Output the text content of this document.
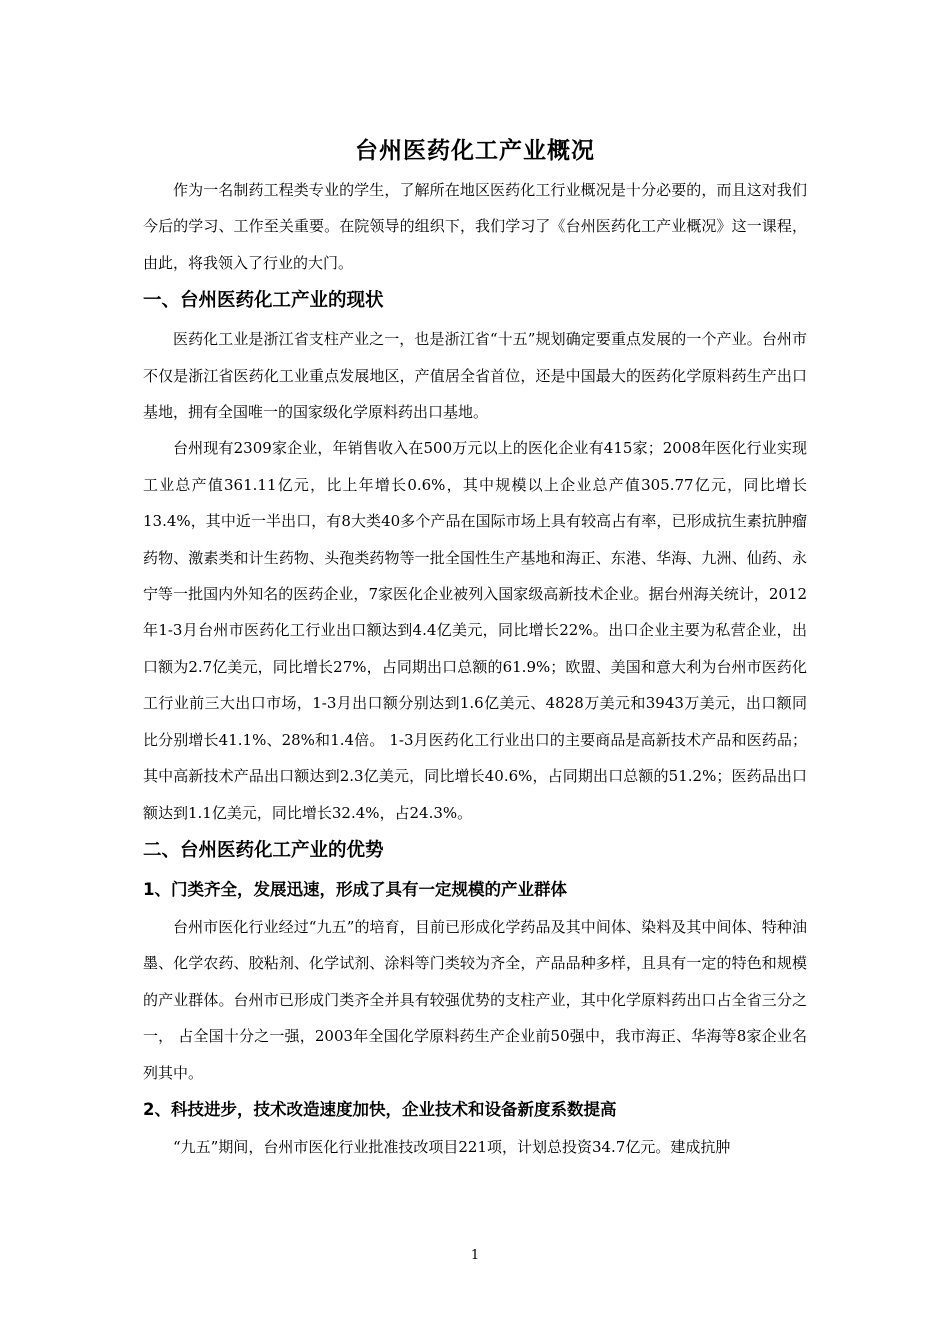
台州医药化工产业概况

作为一名制药工程类专业的学生，了解所在地区医药化工行业概况是十分必要的，而且这对我们今后的学习、工作至关重要。在院领导的组织下，我们学习了《台州医药化工产业概况》这一课程，由此，将我领入了行业的大门。

一、台州医药化工产业的现状

医药化工业是浙江省支柱产业之一，也是浙江省“十五”规划确定要重点发展的一个产业。台州市不仅是浙江省医药化工业重点发展地区，产值居全省首位，还是中国最大的医药化学原料药生产出口基地，拥有全国唯一的国家级化学原料药出口基地。

台州现有2309家企业，年销售收入在500万元以上的医化企业有415家；2008年医化行业实现工业总产值361.11亿元，比上年增长0.6%，其中规模以上企业总产值305.77亿元，同比增长13.4%，其中近一半出口，有8大类40多个产品在国际市场上具有较高占有率，已形成抗生素抗肿瘤药物、激素类和计生药物、头孢类药物等一批全国性生产基地和海正、东港、华海、九洲、仙药、永宁等一批国内外知名的医药企业，7家医化企业被列入国家级高新技术企业。据台州海关统计，2012年1-3月台州市医药化工行业出口额达到4.4亿美元，同比增长22%。出口企业主要为私营企业，出口额为2.7亿美元，同比增长27%，占同期出口总额的61.9%；欧盟、美国和意大利为台州市医药化工行业前三大出口市场，1-3月出口额分别达到1.6亿美元、4828万美元和3943万美元，出口额同比分别增长41.1%、28%和1.4倍。 1-3月医药化工行业出口的主要商品是高新技术产品和医药品；其中高新技术产品出口额达到2.3亿美元，同比增长40.6%，占同期出口总额的51.2%；医药品出口额达到1.1亿美元，同比增长32.4%，占24.3%。

二、台州医药化工产业的优势
1、门类齐全，发展迅速，形成了具有一定规模的产业群体

台州市医化行业经过“九五”的培育，目前已形成化学药品及其中间体、染料及其中间体、特种油墨、化学农药、胶粘剂、化学试剂、涂料等门类较为齐全，产品品种多样，且具有一定的特色和规模的产业群体。台州市已形成门类齐全并具有较强优势的支柱产业，其中化学原料药出口占全省三分之一， 占全国十分之一强，2003年全国化学原料药生产企业前50强中，我市海正、华海等8家企业名列其中。

2、科技进步，技术改造速度加快，企业技术和设备新度系数提高

“九五”期间，台州市医化行业批准技改项目221项，计划总投资34.7亿元。建成抗肿

1
